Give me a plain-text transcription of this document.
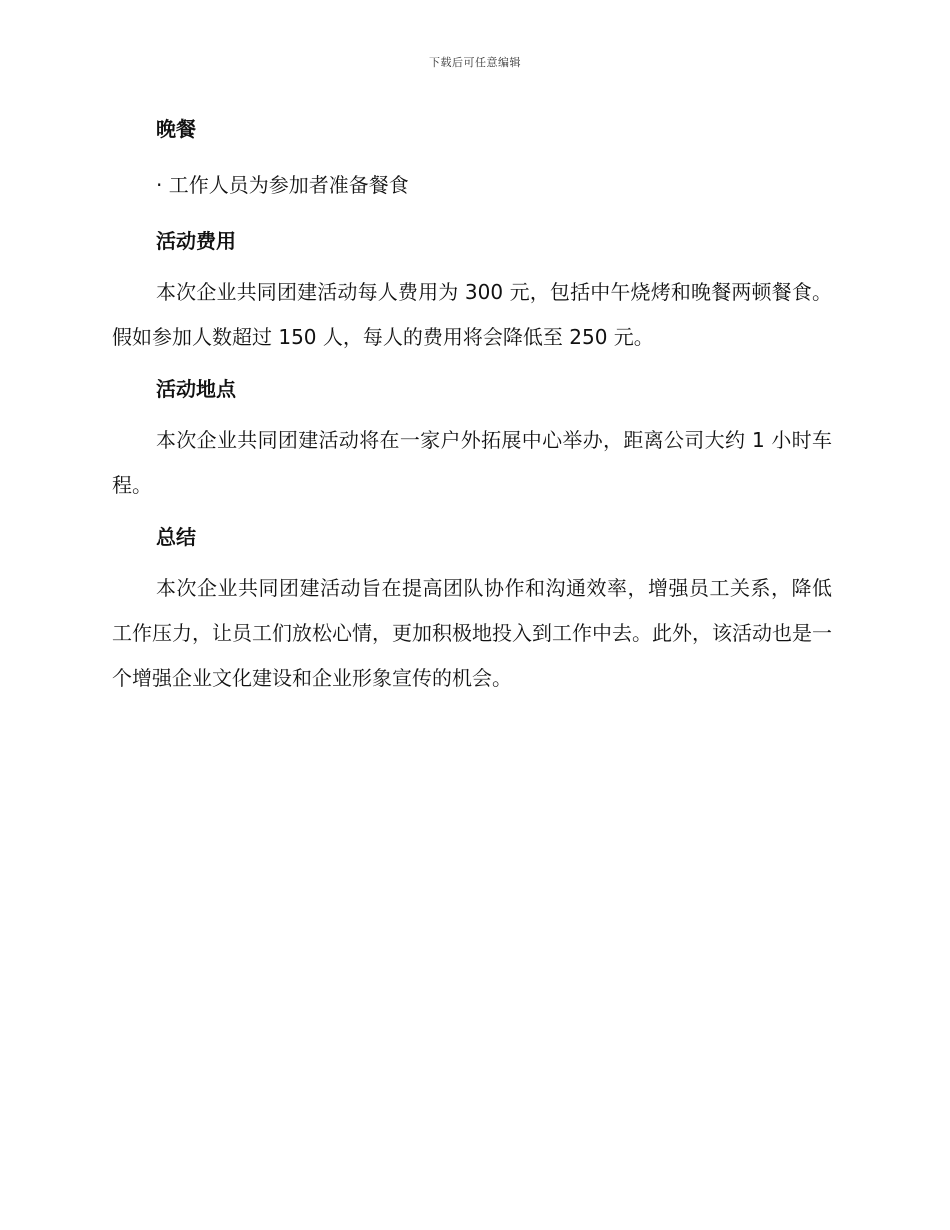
下载后可任意编辑
晚餐

· 工作人员为参加者准备餐食

活动费用

本次企业共同团建活动每人费用为 300 元，包括中午烧烤和晚餐两顿餐食。假如参加人数超过 150 人，每人的费用将会降低至 250 元。

活动地点

本次企业共同团建活动将在一家户外拓展中心举办，距离公司大约 1 小时车程。

总结

本次企业共同团建活动旨在提高团队协作和沟通效率，增强员工关系，降低工作压力，让员工们放松心情，更加积极地投入到工作中去。此外，该活动也是一个增强企业文化建设和企业形象宣传的机会。
